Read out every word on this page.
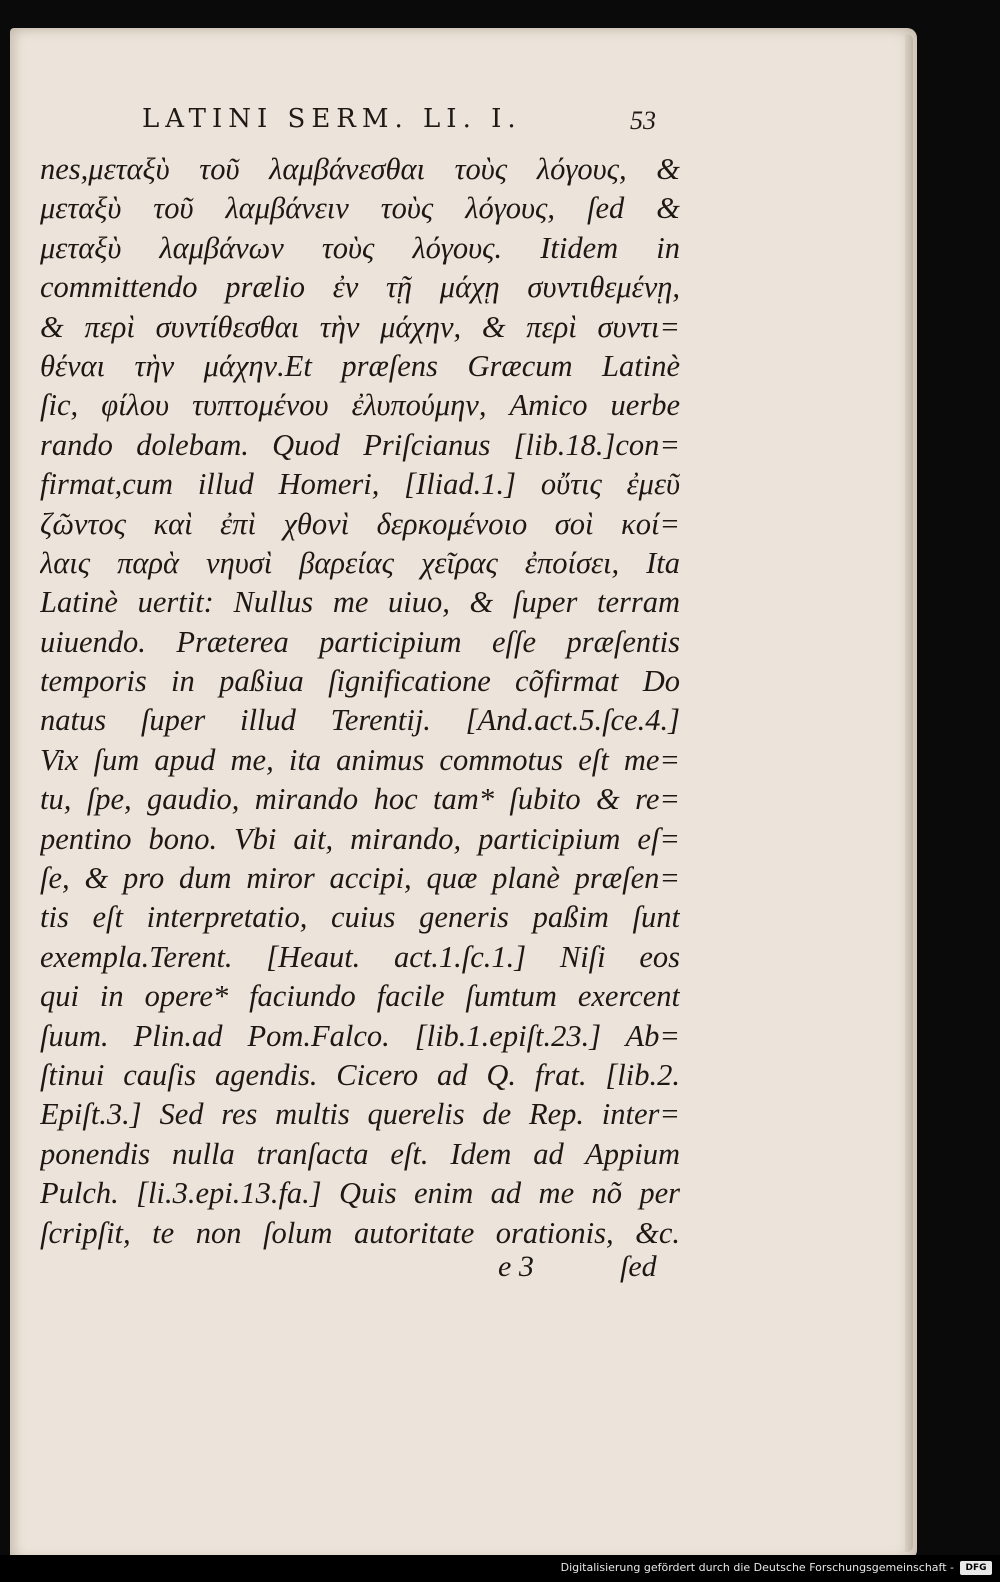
LATINI SERM. LI. I.	53
nes,μεταξὺ τοῦ λαμβάνεσθαι τοὺς λόγους, &
μεταξὺ τοῦ λαμβάνειν τοὺς λόγους, ſed &
μεταξὺ λαμβάνων τοὺς λόγους. Itidem in
committendo prælio ἐν τῇ μάχῃ συντιθεμένῃ,
& περὶ συντίθεσθαι τὴν μάχην, & περὶ συντι=
θέναι τὴν μάχην.Et præſens Græcum Latinè
ſic, φίλου τυπτομένου ἐλυπούμην, Amico uerbe
rando dolebam. Quod Priſcianus [lib.18.]con=
firmat,cum illud Homeri, [Iliad.1.] οὔτις ἐμεῦ
ζῶντος καὶ ἐπὶ χθονὶ δερκομένοιο σοὶ κοί=
λαις παρὰ νηυσὶ βαρείας χεῖρας ἐποίσει, Ita
Latinè uertit: Nullus me uiuo, & ſuper terram
uiuendo. Præterea participium eſſe præſentis
temporis in paßiua ſignificatione cõfirmat Do
natus ſuper illud Terentij. [And.act.5.ſce.4.]
Vix ſum apud me, ita animus commotus eſt me=
tu, ſpe, gaudio, mirando hoc tam* ſubito & re=
pentino bono. Vbi ait, mirando, participium eſ=
ſe, & pro dum miror accipi, quæ planè præſen=
tis eſt interpretatio, cuius generis paßim ſunt
exempla.Terent. [Heaut. act.1.ſc.1.] Niſi eos
qui in opere* faciundo facile ſumtum exercent
ſuum. Plin.ad Pom.Falco. [lib.1.epiſt.23.] Ab=
ſtinui cauſis agendis. Cicero ad Q. frat. [lib.2.
Epiſt.3.] Sed res multis querelis de Rep. inter=
ponendis nulla tranſacta eſt. Idem ad Appium
Pulch. [li.3.epi.13.fa.] Quis enim ad me nõ per
ſcripſit, te non ſolum autoritate orationis, &c.
e 3	ſed
Digitalisierung gefördert durch die Deutsche Forschungsgemeinschaft -	DFG
